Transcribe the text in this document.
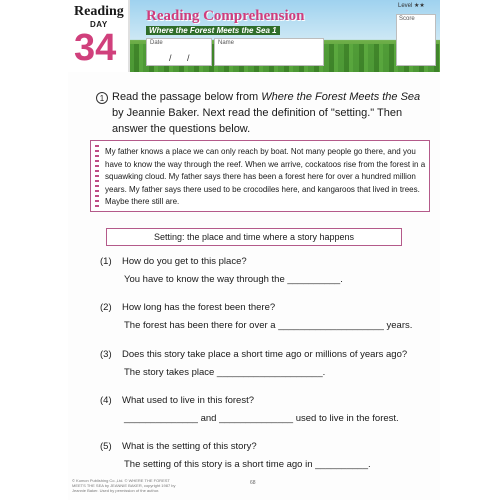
Reading
DAY
34
Reading Comprehension
Where the Forest Meets the Sea 1
Date
/ /
Name
Level ★★
Score
1 Read the passage below from Where the Forest Meets the Sea by Jeannie Baker. Next read the definition of "setting." Then answer the questions below.
My father knows a place we can only reach by boat. Not many people go there, and you have to know the way through the reef. When we arrive, cockatoos rise from the forest in a squawking cloud. My father says there has been a forest here for over a hundred million years. My father says there used to be crocodiles here, and kangaroos that lived in trees. Maybe there still are.
Setting: the place and time where a story happens
(1) How do you get to this place?
You have to know the way through the __________.
(2) How long has the forest been there?
The forest has been there for over a ____________________ years.
(3) Does this story take place a short time ago or millions of years ago?
The story takes place ____________________.
(4) What used to live in this forest?
______________ and ______________ used to live in the forest.
(5) What is the setting of this story?
The setting of this story is a short time ago in __________.
© Kumon Publishing Co.,Ltd. © WHERE THE FOREST MEETS THE SEA by JEANNIE BAKER, copyright 1987 by Jeannie Baker. Used by permission of the author.
68
